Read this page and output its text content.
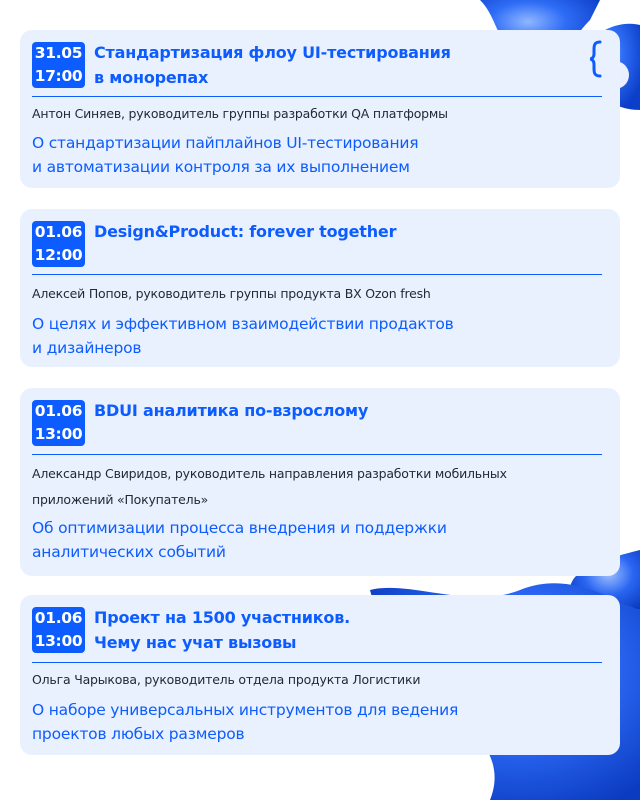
31.05
17:00
Стандартизация флоу UI-тестирования
в монорепах
Антон Синяев, руководитель группы разработки QA платформы
О стандартизации пайплайнов UI-тестирования
и автоматизации контроля за их выполнением
01.06
12:00
Design&Product: forever together
Алексей Попов, руководитель группы продукта BX Ozon fresh
О целях и эффективном взаимодействии продактов
и дизайнеров
01.06
13:00
BDUI аналитика по-взрослому
Александр Свиридов, руководитель направления разработки мобильных
приложений «Покупатель»
Об оптимизации процесса внедрения и поддержки
аналитических событий
01.06
13:00
Проект на 1500 участников.
Чему нас учат вызовы
Ольга Чарыкова, руководитель отдела продукта Логистики
О наборе универсальных инструментов для ведения
проектов любых размеров
